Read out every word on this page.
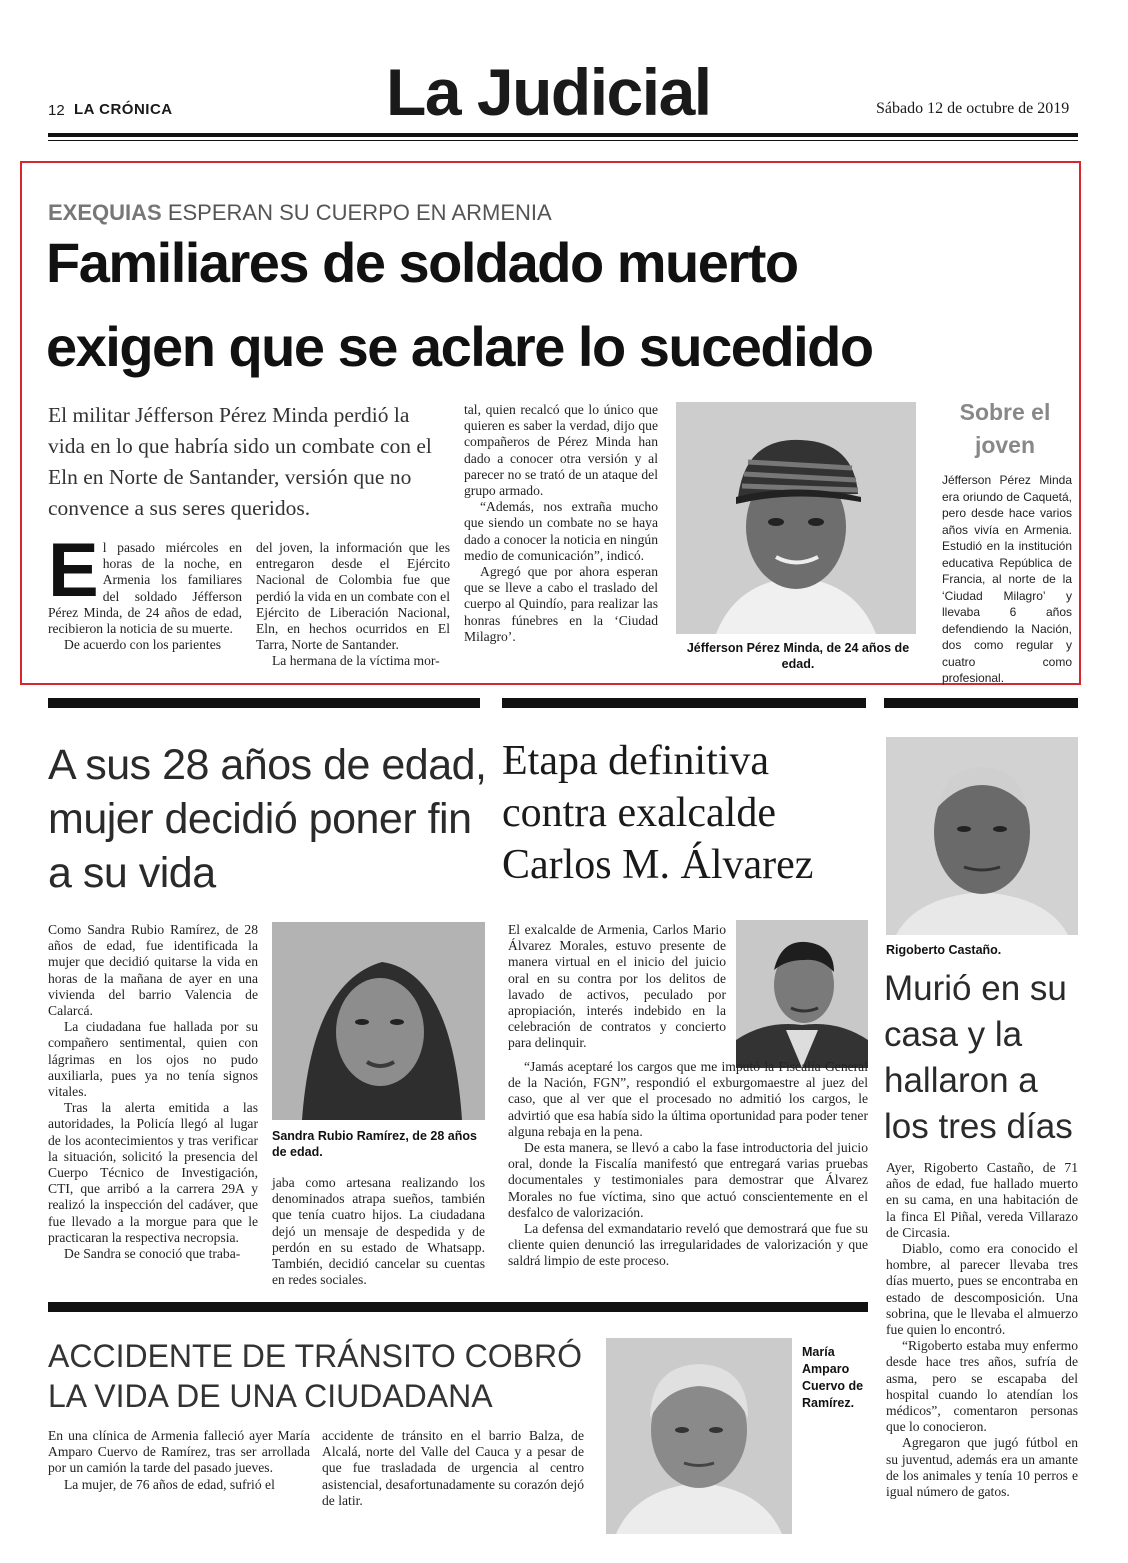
12 LA CRÓNICA	La Judicial	Sábado 12 de octubre de 2019
EXEQUIAS ESPERAN SU CUERPO EN ARMENIA
Familiares de soldado muerto
exigen que se aclare lo sucedido
El militar Jéfferson Pérez Minda perdió la vida en lo que habría sido un combate con el Eln en Norte de Santander, versión que no convence a sus seres queridos.
E l pasado miércoles en horas de la noche, en Armenia los familiares del soldado Jéfferson Pérez Minda, de 24 años de edad, recibieron la noticia de su muerte.

De acuerdo con los parientes

del joven, la información que les entregaron desde el Ejército Nacional de Colombia fue que perdió la vida en un combate con el Ejército de Liberación Nacional, Eln, en hechos ocurridos en El Tarra, Norte de Santander.

La hermana de la víctima mor-

tal, quien recalcó que lo único que quieren es saber la verdad, dijo que compañeros de Pérez Minda han dado a conocer otra versión y al parecer no se trató de un ataque del grupo armado.

“Además, nos extraña mucho que siendo un combate no se haya dado a conocer la noticia en ningún medio de comunicación”, indicó.

Agregó que por ahora esperan que se lleve a cabo el traslado del cuerpo al Quindío, para realizar las honras fúnebres en la ‘Ciudad Milagro’.

Jéfferson Pérez Minda, de 24 años de edad.
Sobre el joven
Jéfferson Pérez Minda era oriundo de Caquetá, pero desde hace varios años vivía en Armenia. Estudió en la institución educativa República de Francia, al norte de la ‘Ciudad Milagro’ y llevaba 6 años defendiendo la Nación, dos como regular y cuatro como profesional.
A sus 28 años de edad, mujer decidió poner fin a su vida

Como Sandra Rubio Ramírez, de 28 años de edad, fue identificada la mujer que decidió quitarse la vida en horas de la mañana de ayer en una vivienda del barrio Valencia de Calarcá.

La ciudadana fue hallada por su compañero sentimental, quien con lágrimas en los ojos no pudo auxiliarla, pues ya no tenía signos vitales.

Tras la alerta emitida a las autoridades, la Policía llegó al lugar de los acontecimientos y tras verificar la situación, solicitó la presencia del Cuerpo Técnico de Investigación, CTI, que arribó a la carrera 29A y realizó la inspección del cadáver, que fue llevado a la morgue para que le practicaran la respectiva necropsia.

De Sandra se conoció que traba-

Sandra Rubio Ramírez, de 28 años de edad.

jaba como artesana realizando los denominados atrapa sueños, también que tenía cuatro hijos. La ciudadana dejó un mensaje de despedida y de perdón en su estado de Whatsapp. También, decidió cancelar su cuentas en redes sociales.

Etapa definitiva contra exalcalde Carlos M. Álvarez

El exalcalde de Armenia, Carlos Mario Álvarez Morales, estuvo presente de manera virtual en el inicio del juicio oral en su contra por los delitos de lavado de activos, peculado por apropiación, interés indebido en la celebración de contratos y concierto para delinquir.

“Jamás aceptaré los cargos que me imputó la Fiscalía General de la Nación, FGN”, respondió el exburgomaestre al juez del caso, que al ver que el procesado no admitió los cargos, le advirtió que esa había sido la última oportunidad para poder tener alguna rebaja en la pena.

De esta manera, se llevó a cabo la fase introductoria del juicio oral, donde la Fiscalía manifestó que entregará varias pruebas documentales y testimoniales para demostrar que Álvarez Morales no fue víctima, sino que actuó conscientemente en el desfalco de valorización.

La defensa del exmandatario reveló que demostrará que fue su cliente quien denunció las irregularidades de valorización y que saldrá limpio de este proceso.

Rigoberto Castaño.
Murió en su casa y la hallaron a los tres días

Ayer, Rigoberto Castaño, de 71 años de edad, fue hallado muerto en su cama, en una habitación de la finca El Piñal, vereda Villarazo de Circasia.

Diablo, como era conocido el hombre, al parecer llevaba tres días muerto, pues se encontraba en estado de descomposición. Una sobrina, que le llevaba el almuerzo fue quien lo encontró.

“Rigoberto estaba muy enfermo desde hace tres años, sufría de asma, pero se escapaba del hospital cuando lo atendían los médicos”, comentaron personas que lo conocieron.

Agregaron que jugó fútbol en su juventud, además era un amante de los animales y tenía 10 perros e igual número de gatos.

ACCIDENTE DE TRÁNSITO COBRÓ LA VIDA DE UNA CIUDADANA

En una clínica de Armenia falleció ayer María Amparo Cuervo de Ramírez, tras ser arrollada por un camión la tarde del pasado jueves.

La mujer, de 76 años de edad, sufrió el

accidente de tránsito en el barrio Balza, de Alcalá, norte del Valle del Cauca y a pesar de que fue trasladada de urgencia al centro asistencial, desafortunadamente su corazón dejó de latir.

María Amparo Cuervo de Ramírez.
